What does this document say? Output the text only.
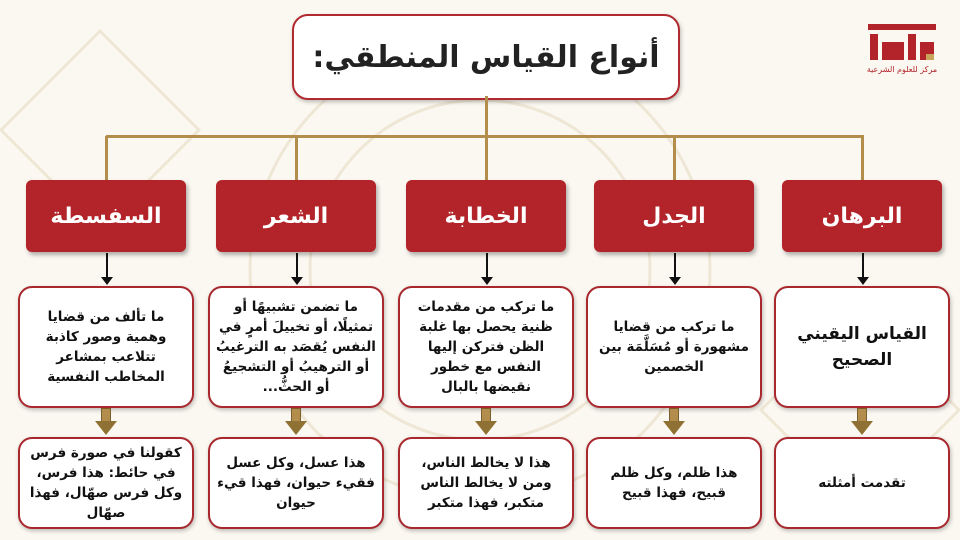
أنواع القياس المنطقي:	مركز للعلوم الشرعية
البرهان
القياس اليقيني الصحيح
تقدمت أمثلته
الجدل
ما تركب من قضايا مشهورة أو مُسَلَّمَة بين الخصمين
هذا ظلم، وكل ظلم قبيح، فهذا قبيح
الخطابة
ما تركب من مقدمات ظنية يحصل بها غلبة الظن فتركن إليها النفس مع خطور نقيضها بالبال
هذا لا يخالط الناس، ومن لا يخالط الناس متكبر، فهذا متكبر
الشعر
ما تضمن تشبيهًا أو تمثيلًا، أو تخييلَ أمرٍ في النفس يُقصَد به الترغيبُ أو الترهيبُ أو التشجيعُ أو الحثُّ...
هذا عسل، وكل عسل فقيء حيوان، فهذا قيء حيوان
السفسطة
ما تألف من قضايا وهمية وصور كاذبة تتلاعب بمشاعر المخاطب النفسية
كقولنا في صورة فرس في حائط: هذا فرس، وكل فرس صهّال، فهذا صهّال
